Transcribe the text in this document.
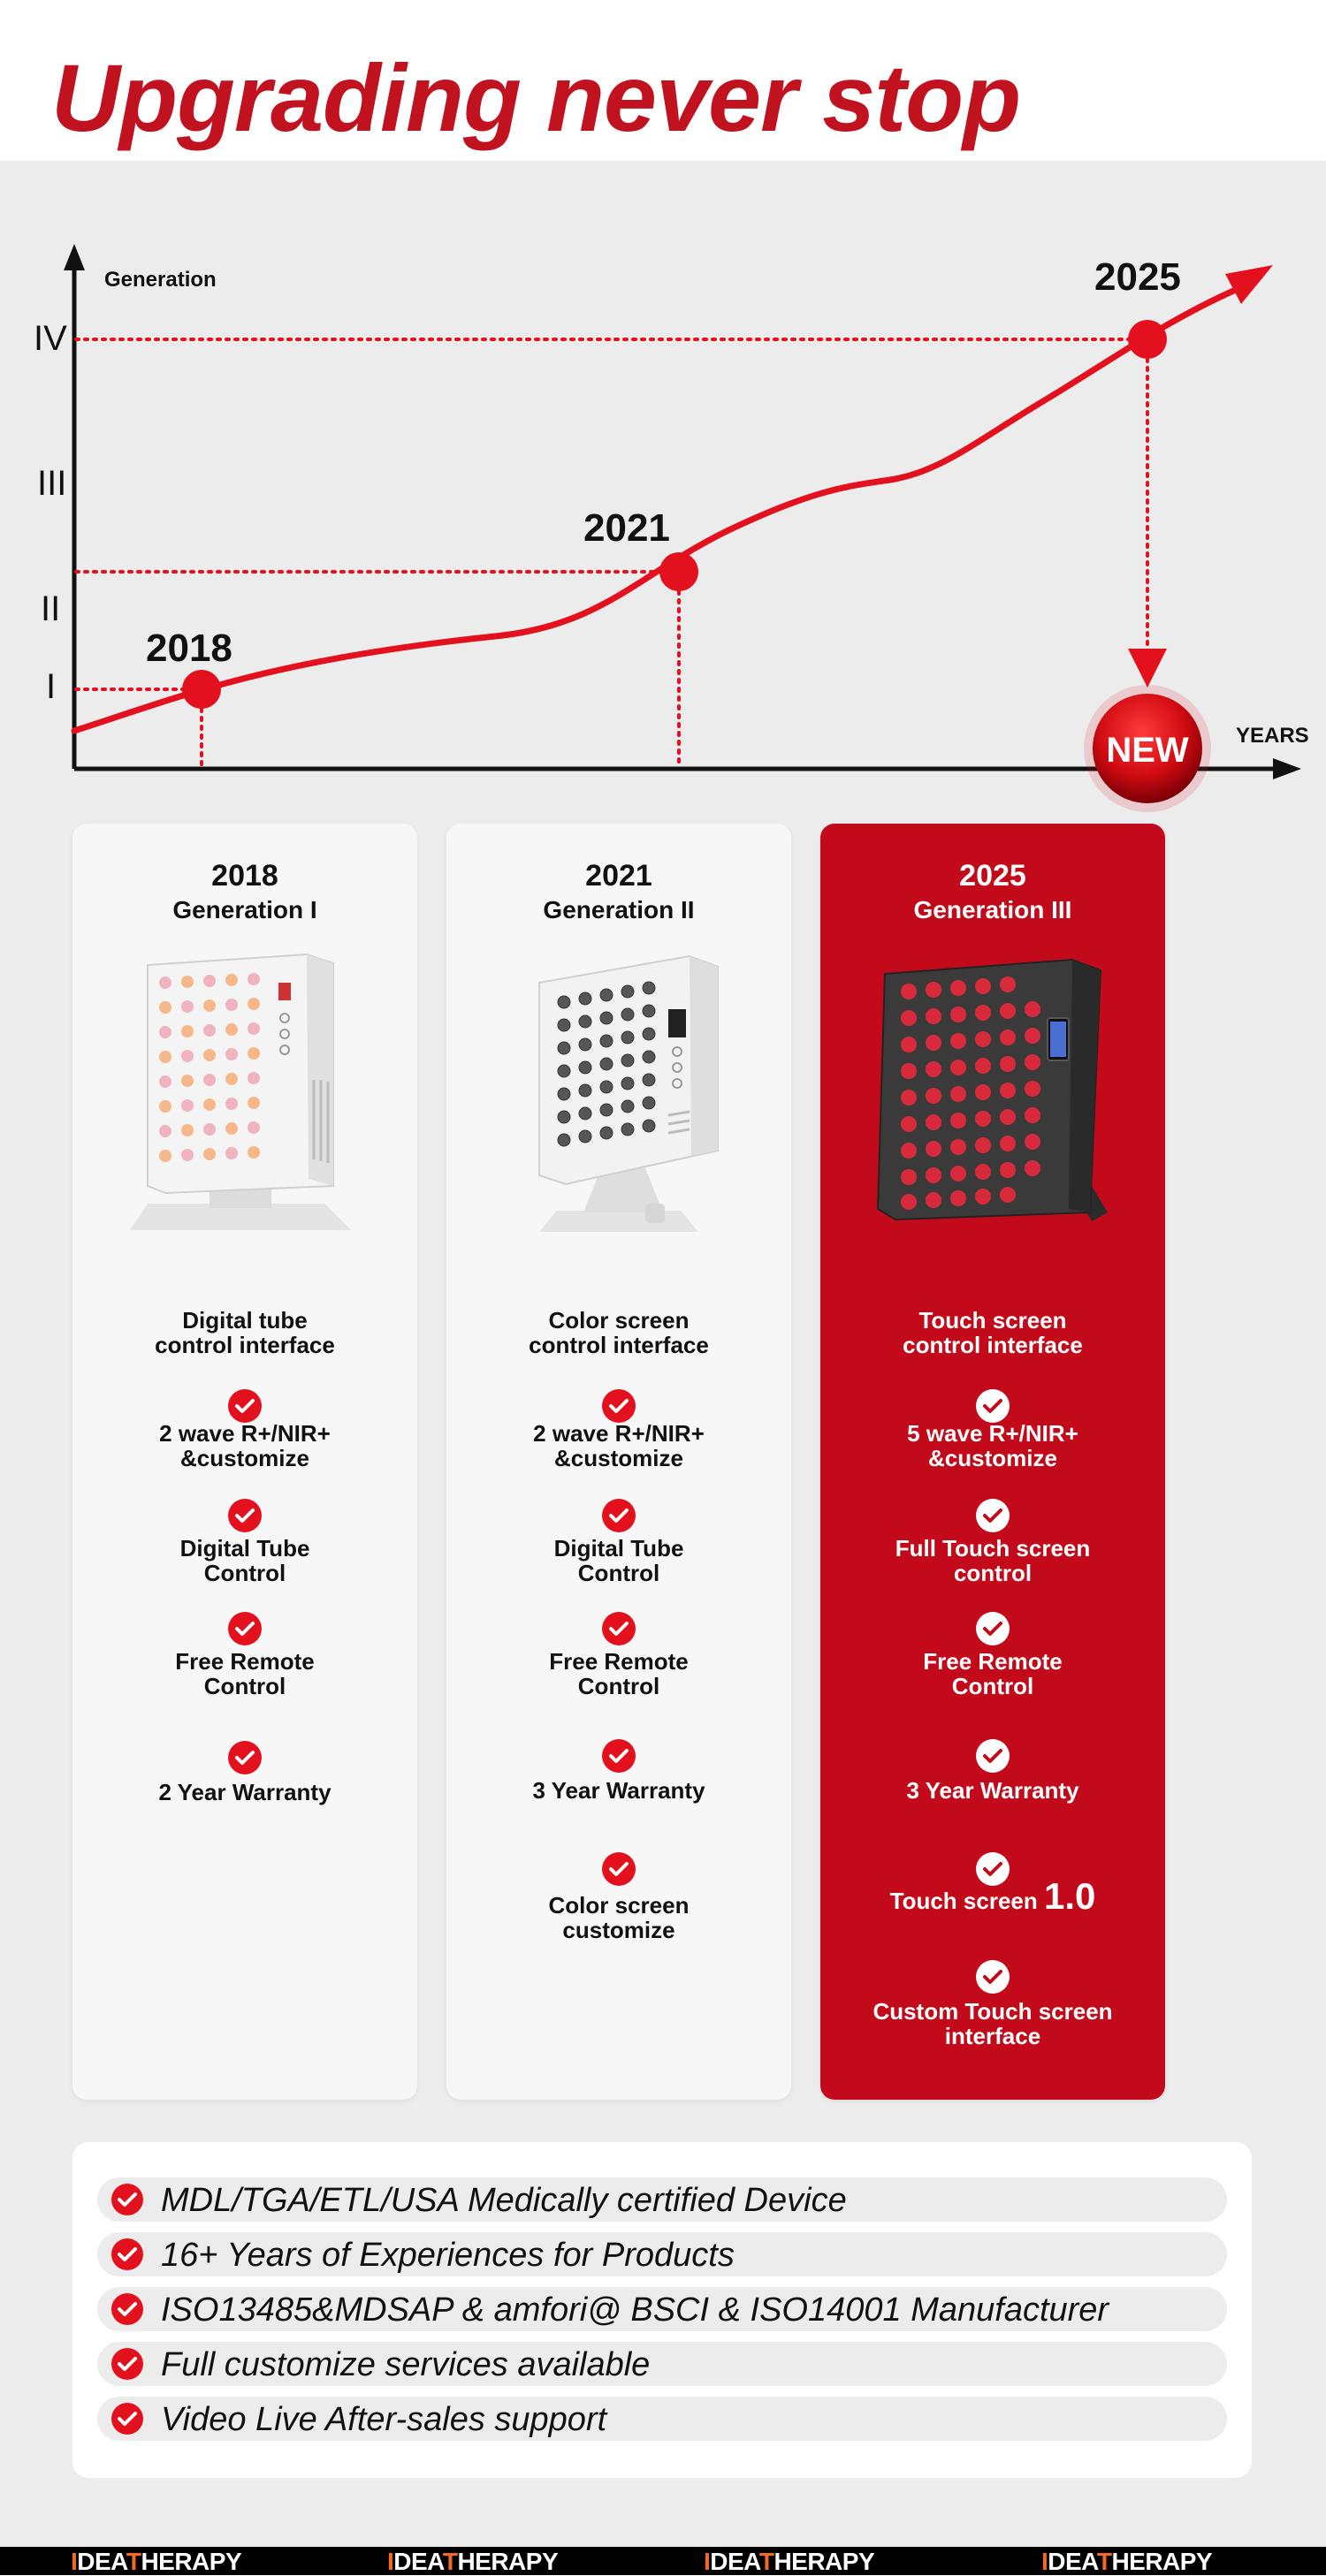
Upgrading never stop
Generation
YEARS
IV
III
II
I
2018
2021
2025
NEW
2018
Generation I
Digital tube
control interface
2 wave R+/NIR+
&customize
Digital Tube
Control
Free Remote
Control
2 Year Warranty
2021
Generation II
Color screen
control interface
2 wave R+/NIR+
&customize
Digital Tube
Control
Free Remote
Control
3 Year Warranty
Color screen
customize
2025
Generation III
Touch screen
control interface
5 wave R+/NIR+
&customize
Full Touch screen
control
Free Remote
Control
3 Year Warranty
Touch screen 1.0
Custom Touch screen
interface
MDL/TGA/ETL/USA Medically certified Device
16+ Years of Experiences for Products
ISO13485&MDSAP & amfori@ BSCI & ISO14001 Manufacturer
Full customize services available
Video Live After-sales support
IDEATHERAPY	IDEATHERAPY	IDEATHERAPY	IDEATHERAPY
